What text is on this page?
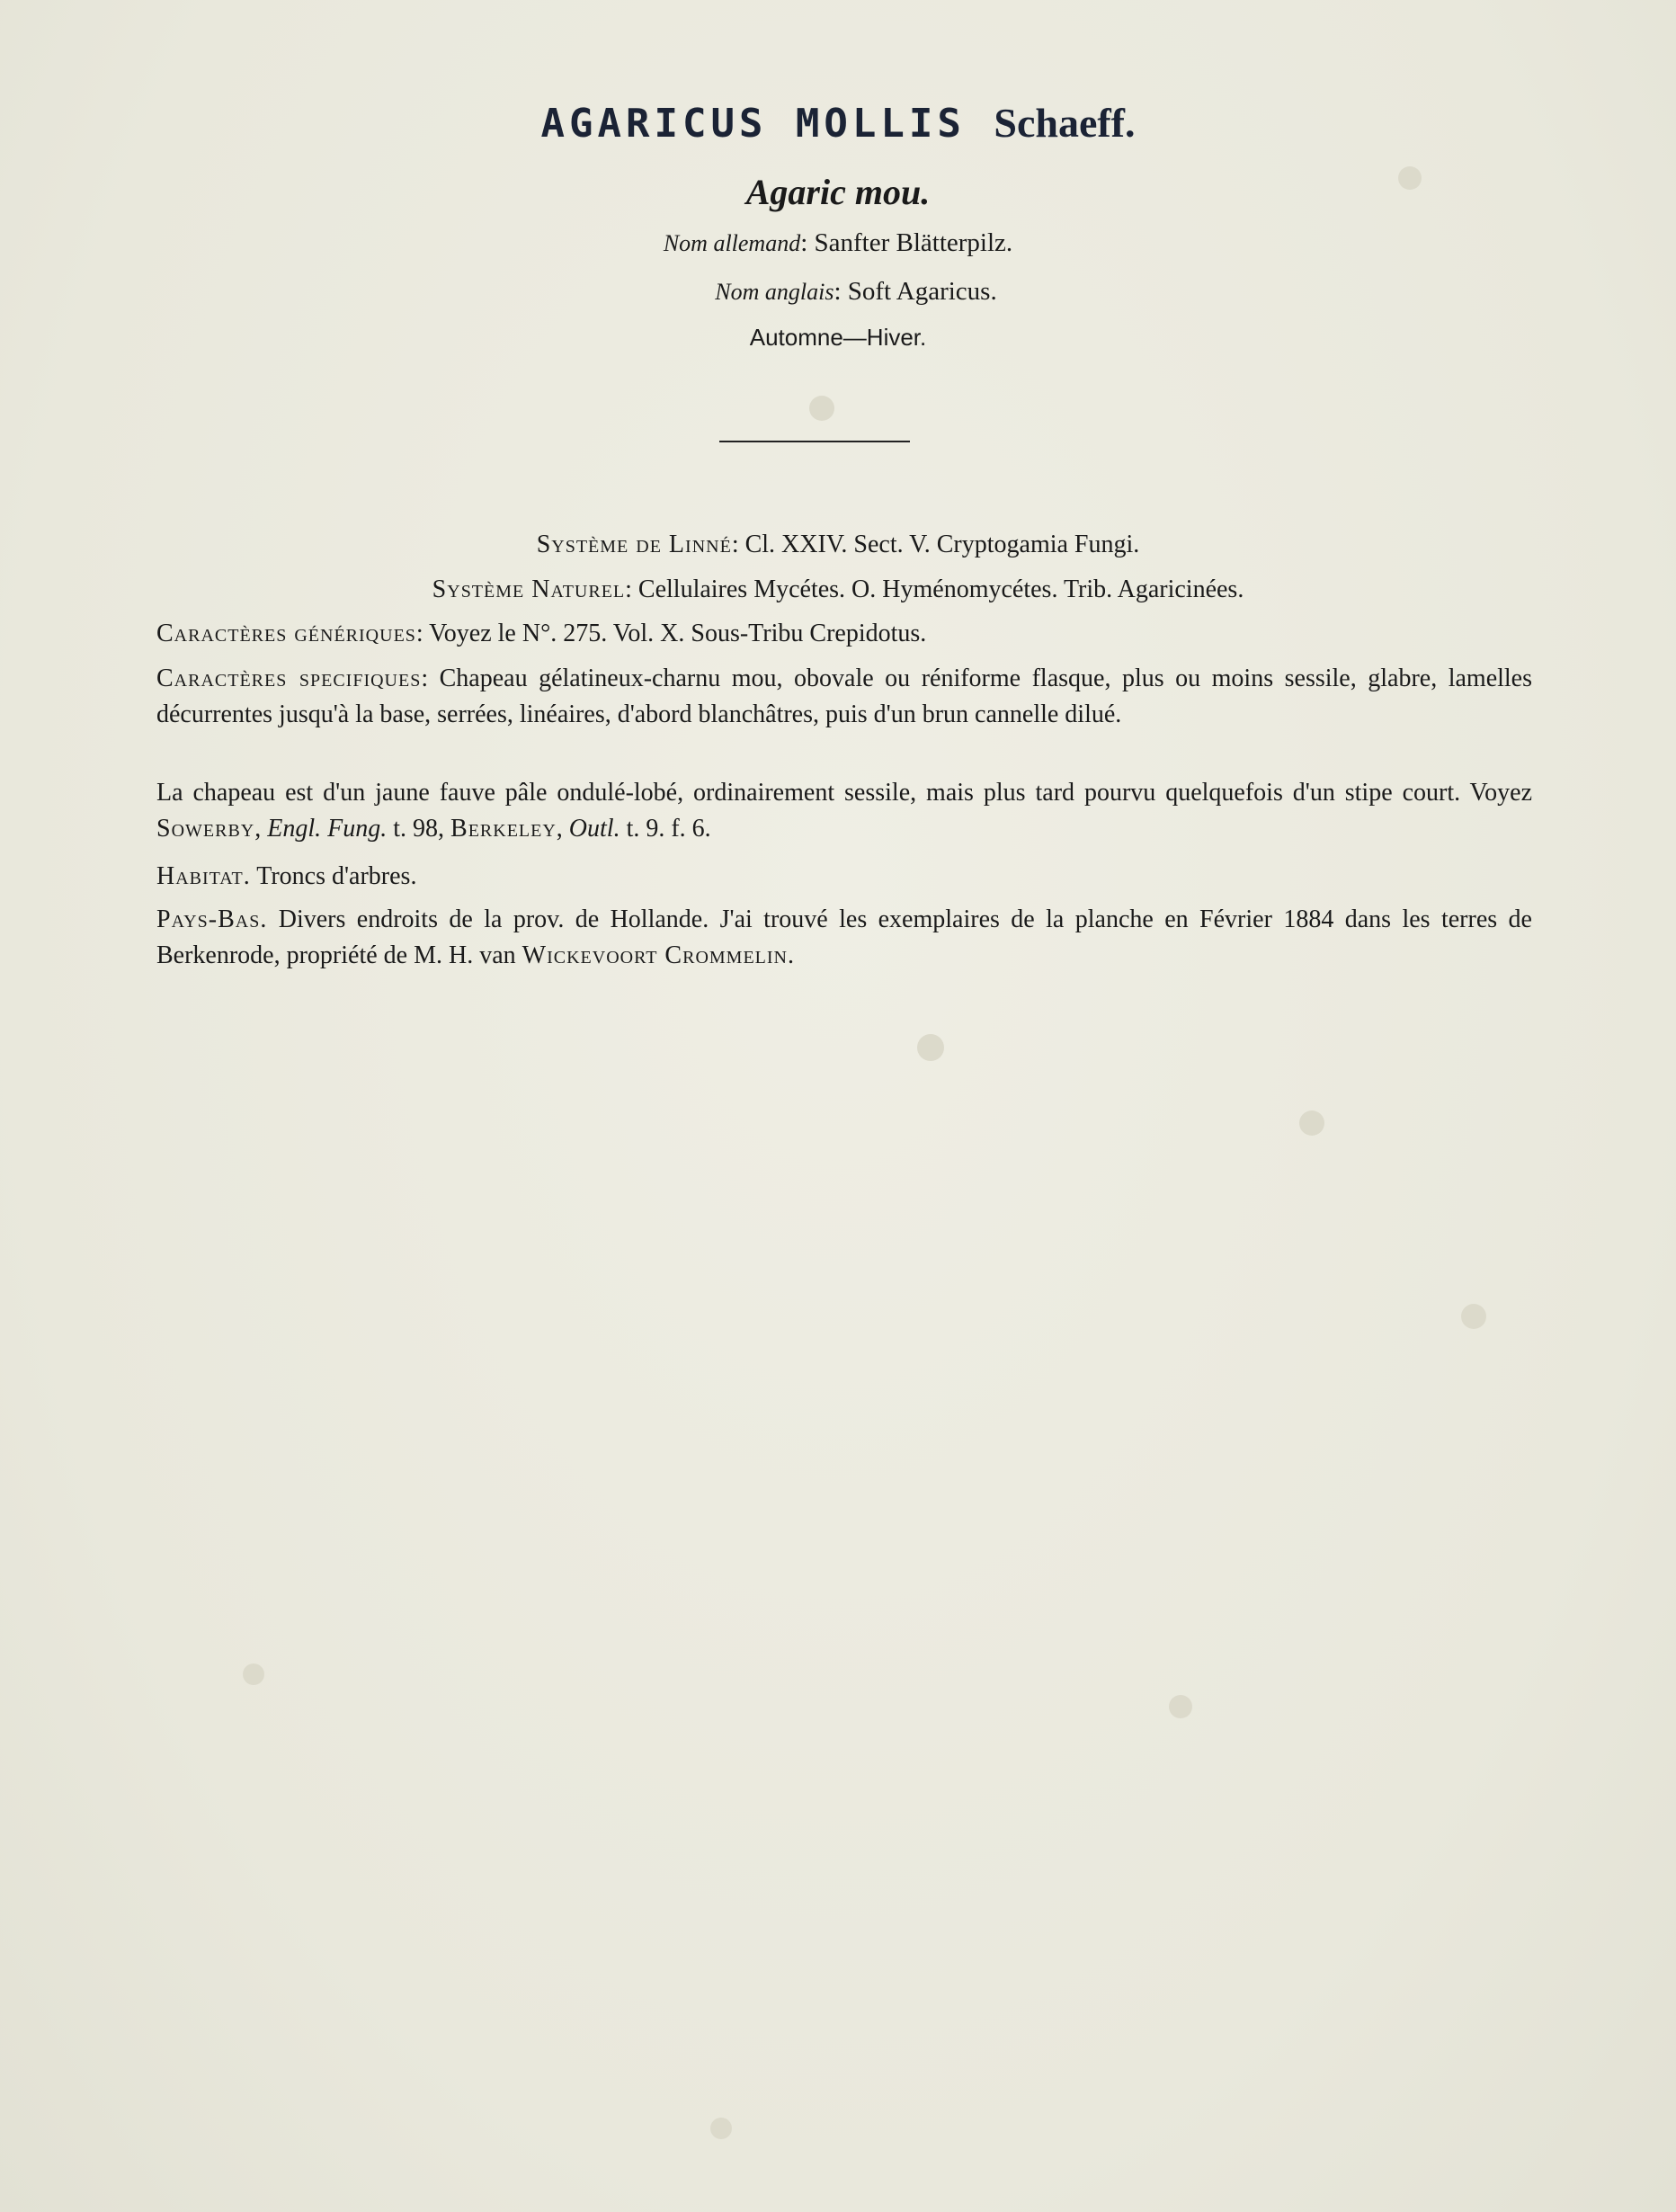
AGARICUS MOLLIS Schaeff.
Agaric mou.
Nom allemand: Sanfter Blätterpilz.
Nom anglais: Soft Agaricus.
Automne—Hiver.
Système de Linné: Cl. XXIV. Sect. V. Cryptogamia Fungi.
Système Naturel: Cellulaires Mycétes. O. Hyménomycétes. Trib. Agaricinées.
Caractères génériques: Voyez le N°. 275. Vol. X. Sous-Tribu Crepidotus.
Caractères specifiques: Chapeau gélatineux-charnu mou, obovale ou réniforme flasque, plus ou moins sessile, glabre, lamelles décurrentes jusqu'à la base, serrées, linéaires, d'abord blanchâtres, puis d'un brun cannelle dilué.
La chapeau est d'un jaune fauve pâle ondulé-lobé, ordinairement sessile, mais plus tard pourvu quelquefois d'un stipe court. Voyez Sowerby, Engl. Fung. t. 98, Berkeley, Outl. t. 9. f. 6.
Habitat. Troncs d'arbres.
Pays-Bas. Divers endroits de la prov. de Hollande. J'ai trouvé les exemplaires de la planche en Février 1884 dans les terres de Berkenrode, propriété de M. H. van Wickevoort Crommelin.
